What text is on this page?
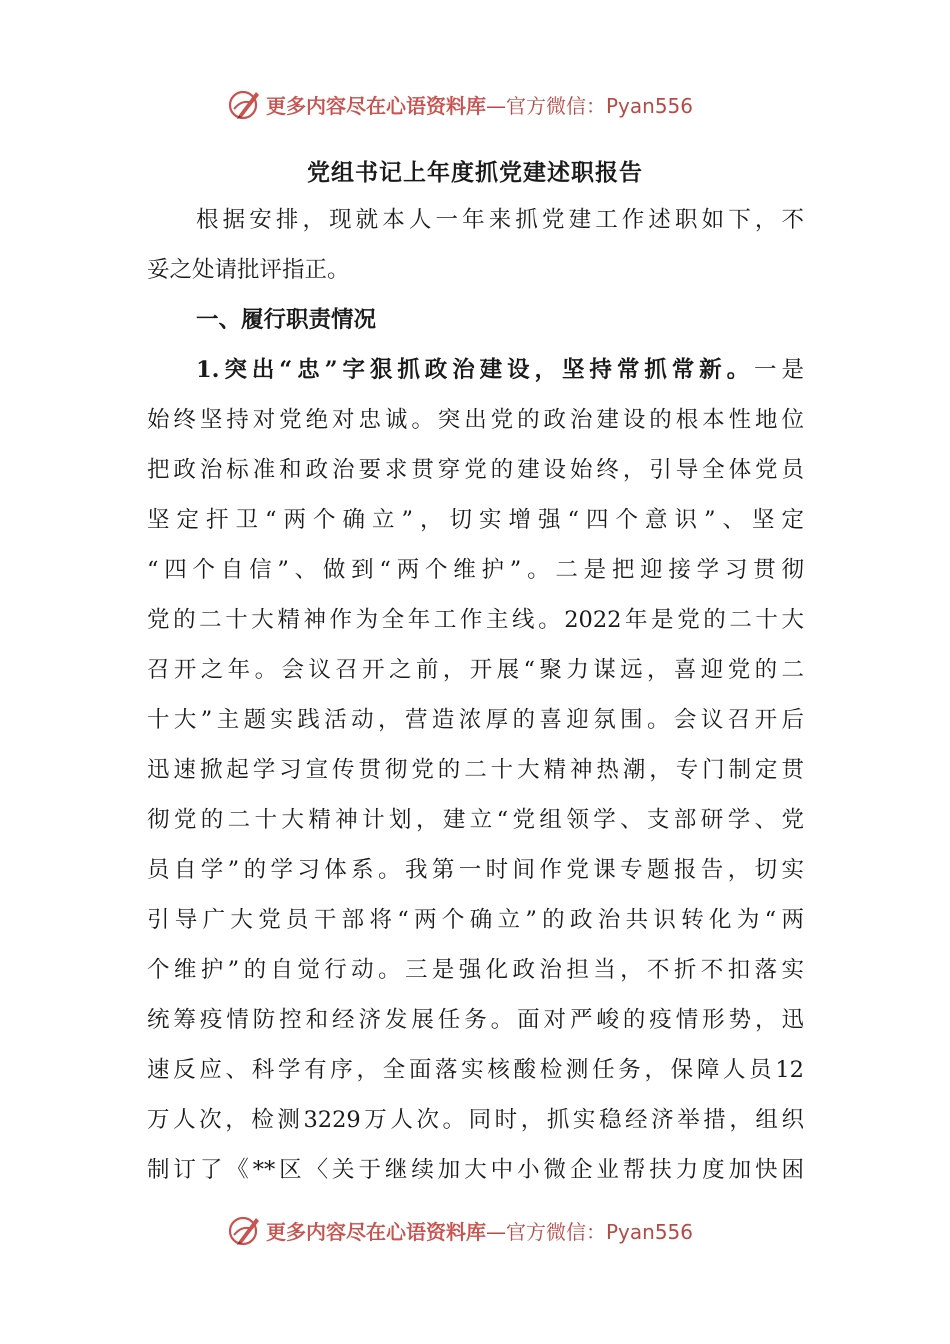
更多内容尽在心语资料库 —官方微信：Pyan556
党组书记上年度抓党建述职报告
根据安排，现就本人一年来抓党建工作述职如下，不
妥之处请批评指正。
一、履行职责情况
1.突出“忠”字狠抓政治建设，坚持常抓常新。一是
始终坚持对党绝对忠诚。突出党的政治建设的根本性地位
把政治标准和政治要求贯穿党的建设始终，引导全体党员
坚定扞卫“两个确立”，切实增强“四个意识”、坚定
“四个自信”、做到“两个维护”。二是把迎接学习贯彻
党的二十大精神作为全年工作主线。2022年是党的二十大
召开之年。会议召开之前，开展“聚力谋远，喜迎党的二
十大”主题实践活动，营造浓厚的喜迎氛围。会议召开后
迅速掀起学习宣传贯彻党的二十大精神热潮，专门制定贯
彻党的二十大精神计划，建立“党组领学、支部研学、党
员自学”的学习体系。我第一时间作党课专题报告，切实
引导广大党员干部将“两个确立”的政治共识转化为“两
个维护”的自觉行动。三是强化政治担当，不折不扣落实
统筹疫情防控和经济发展任务。面对严峻的疫情形势，迅
速反应、科学有序，全面落实核酸检测任务，保障人员12
万人次，检测3229万人次。同时，抓实稳经济举措，组织
制订了《**区〈关于继续加大中小微企业帮扶力度加快困
更多内容尽在心语资料库 —官方微信：Pyan556
